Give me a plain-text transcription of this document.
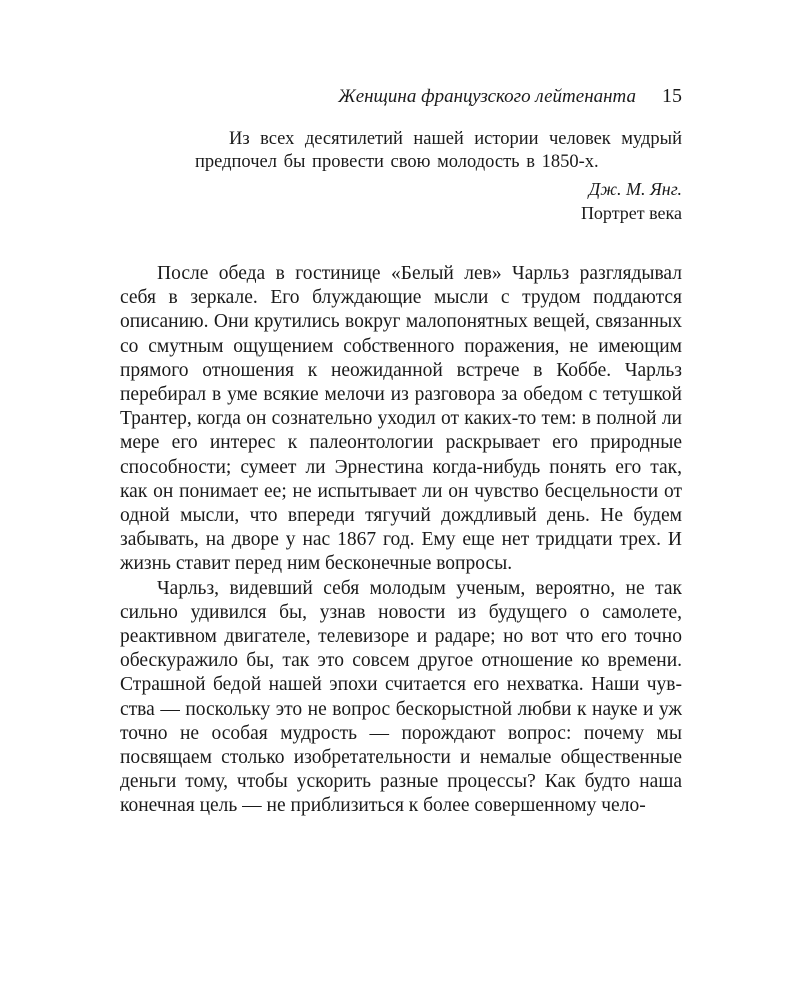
Женщина французского лейтенанта 15

Из всех десятилетий нашей истории человек мудрый предпочел бы провести свою молодость в 1850-х.

Дж. М. Янг.

Портрет века

После обеда в гостинице «Белый лев» Чарльз разглядывал себя в зеркале. Его блуждающие мысли с трудом поддаются описанию. Они крутились вокруг малопонятных вещей, связанных со смутным ощущением собственного поражения, не имеющим прямого отношения к неожиданной встрече в Коббе. Чарльз перебирал в уме всякие мелочи из разговора за обедом с тетушкой Трантер, когда он сознательно уходил от каких-то тем: в полной ли мере его интерес к палеонтологии раскрывает его природные способности; сумеет ли Эрнестина когда-нибудь понять его так, как он понимает ее; не испытывает ли он чувство бесцельности от одной мысли, что впереди тягучий дождливый день. Не будем забывать, на дворе у нас 1867 год. Ему еще нет тридцати трех. И жизнь ставит перед ним бесконечные вопросы.

Чарльз, видевший себя молодым ученым, вероятно, не так сильно удивился бы, узнав новости из будущего о самолете, реактивном двигателе, телевизоре и радаре; но вот что его точно обескуражило бы, так это совсем другое отношение ко времени. Страшной бедой нашей эпохи считается его нехватка. Наши чувства — поскольку это не вопрос бескорыстной любви к науке и уж точно не особая мудрость — порождают вопрос: почему мы посвящаем столько изобретательности и немалые общественные деньги тому, чтобы ускорить разные процессы? Как будто наша конечная цель — не приблизиться к более совершенному чело-
